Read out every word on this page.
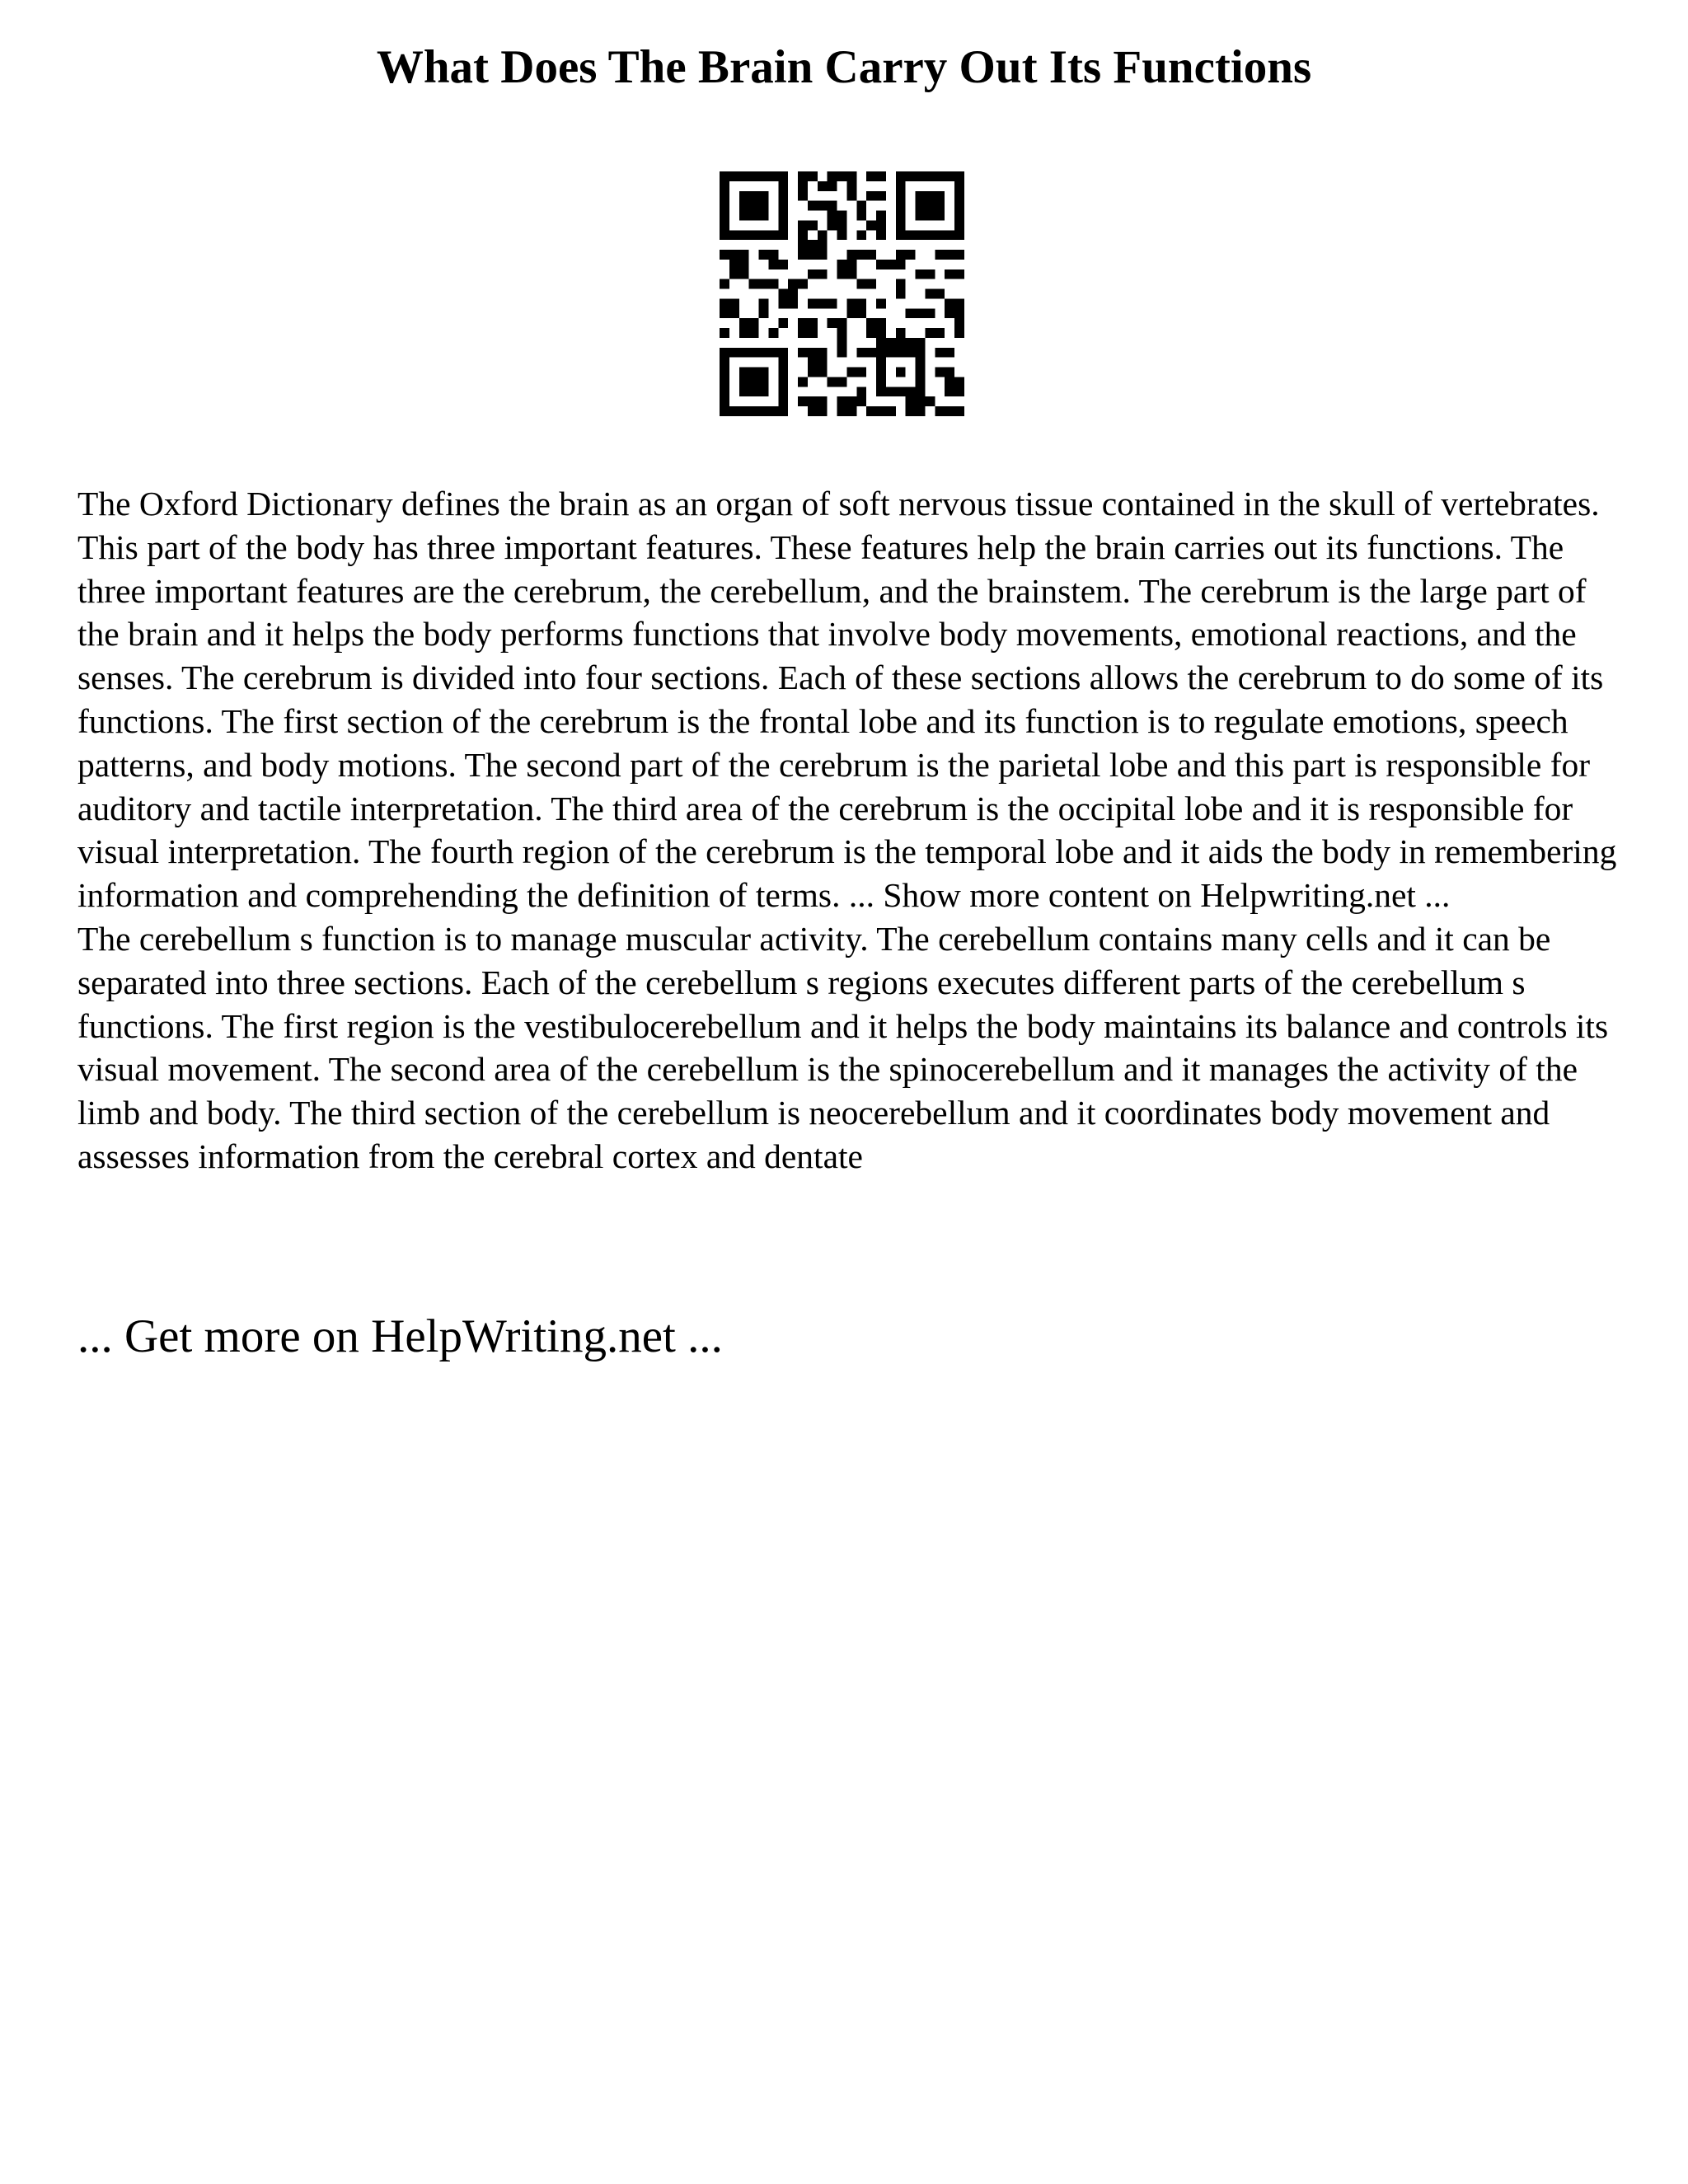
What Does The Brain Carry Out Its Functions

The Oxford Dictionary defines the brain as an organ of soft nervous tissue contained in the skull of vertebrates. This part of the body has three important features. These features help the brain carries out its functions. The three important features are the cerebrum, the cerebellum, and the brainstem. The cerebrum is the large part of the brain and it helps the body performs functions that involve body movements, emotional reactions, and the senses. The cerebrum is divided into four sections. Each of these sections allows the cerebrum to do some of its functions. The first section of the cerebrum is the frontal lobe and its function is to regulate emotions, speech patterns, and body motions. The second part of the cerebrum is the parietal lobe and this part is responsible for auditory and tactile interpretation. The third area of the cerebrum is the occipital lobe and it is responsible for visual interpretation. The fourth region of the cerebrum is the temporal lobe and it aids the body in remembering information and comprehending the definition of terms. ... Show more content on Helpwriting.net ...

The cerebellum s function is to manage muscular activity. The cerebellum contains many cells and it can be separated into three sections. Each of the cerebellum s regions executes different parts of the cerebellum s functions. The first region is the vestibulocerebellum and it helps the body maintains its balance and controls its visual movement. The second area of the cerebellum is the spinocerebellum and it manages the activity of the limb and body. The third section of the cerebellum is neocerebellum and it coordinates body movement and assesses information from the cerebral cortex and dentate

... Get more on HelpWriting.net ...
